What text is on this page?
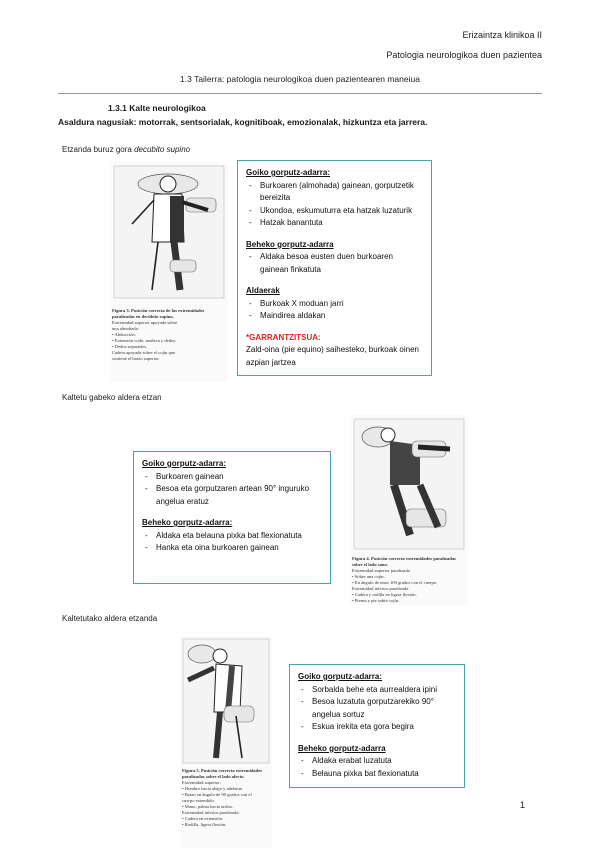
Erizaintza klinikoa II
Patologia neurologikoa duen pazientea
1.3 Tailerra: patologia neurologikoa duen pazientearen maneiua
1.3.1 Kalte neurologikoa
Asaldura nagusiak: motorrak, sentsorialak, kognitiboak, emozionalak, hizkuntza eta jarrera.
Etzanda buruz gora decubito supino
Figura 3. Posición correcta de las extremidades paralizadas en decúbito supino.
Extremidad superior apoyada sobre
una almohada:
• Abducción.
• Extensión codo, muñeca y dedos.
• Dedos separados.
Cadera apoyada sobre el cojín que
sostiene el brazo superior.
Goiko gorputz-adarra:
- Burkoaren (almohada) gainean, gorputzetik bereizita
- Ukondoa, eskumuturra eta hatzak luzaturik
- Hatzak banantuta
Beheko gorputz-adarra
- Aldaka besoa eusten duen burkoaren gainean finkatuta
Aldaerak
- Burkoak X moduan jarri
- Maindirea aldakan
*GARRANTZITSUA:
Zald-oina (pie equino) saihesteko, burkoak oinen azpian jartzea
Kaltetu gabeko aldera etzan
Goiko gorputz-adarra:
- Burkoaren gainean
- Besoa eta gorputzaren artean 90° inguruko angelua eratuz
Beheko gorputz-adarra:
- Aldaka eta belauna pixka bat flexionatuta
- Hanka eta oina burkoaren gainean
Figura 4. Posición correcta extremidades paralizadas sobre el lado sano.
Extremidad superior paralizada
• Sobre una cojín.
• En ángulo de unos 100 grados con el cuerpo.
Extremidad inferior paralizada
• Cadera y rodilla en ligera flexión.
• Pierna y pie sobre cojín.
Kaltetutako aldera etzanda
Figura 5. Posición correcta extremidades paralizadas sobre el lado afecto.
Extremidad superior:
• Hombro hacia abajo y adelante.
• Brazo en ángulo de 90 grados con el
cuerpo extendido.
• Mano, palma hacia arriba.
Extremidad inferior paralizada:
• Cadera en extensión.
• Rodilla, ligera flexión.
Goiko gorputz-adarra:
- Sorbalda behe eta aurrealdera ipini
- Besoa luzatuta gorputzarekiko 90° angelua sortuz
- Eskua irekita eta gora begira
Beheko gorputz-adarra
- Aldaka erabat luzatuta
- Belauna pixka bat flexionatuta
1
